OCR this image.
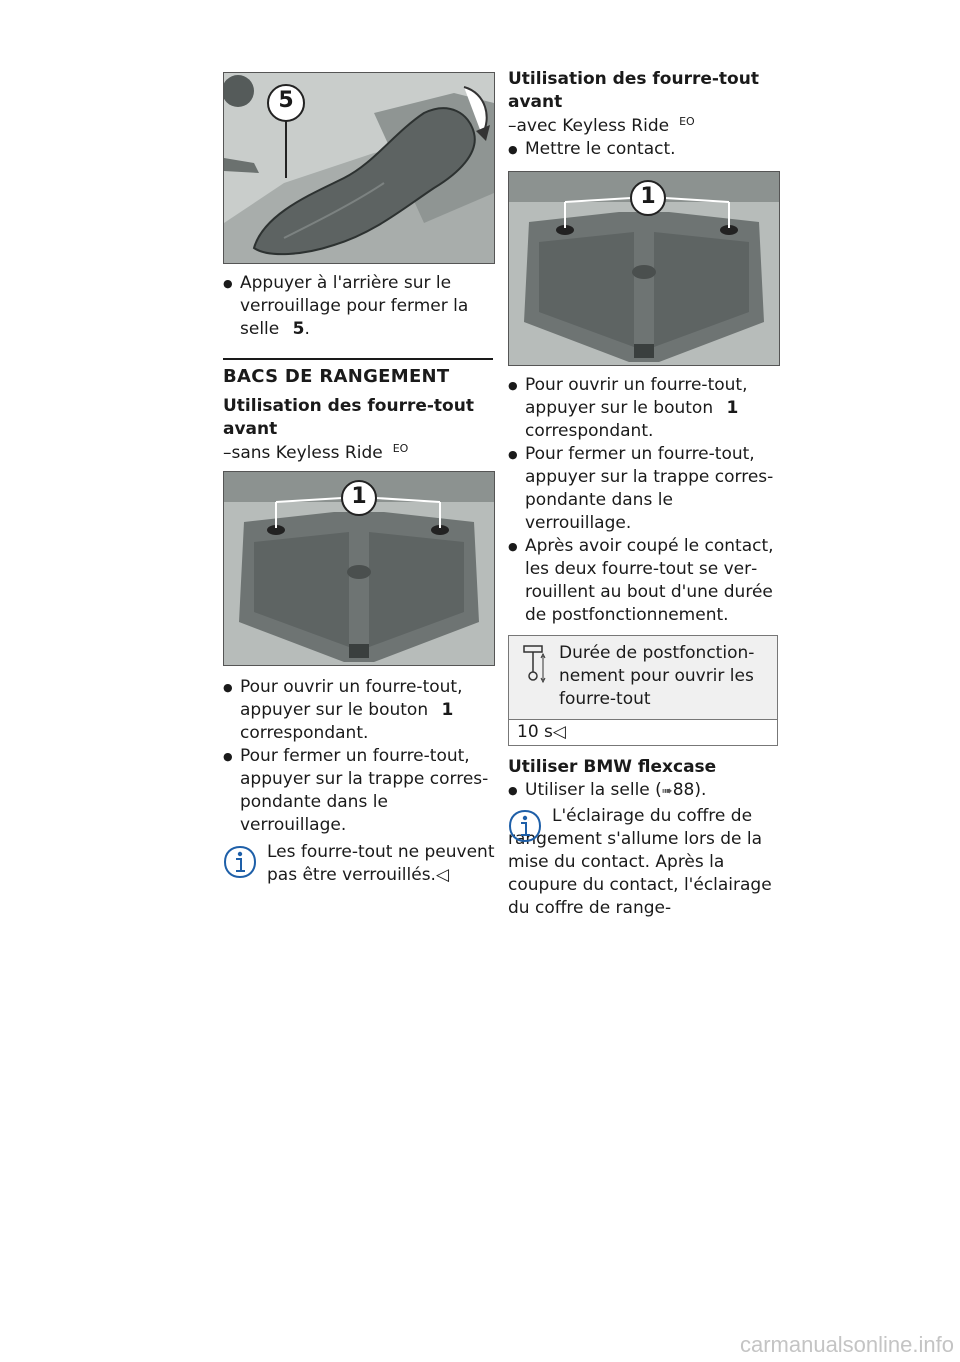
5
● Appuyer à l'arrière sur le verrouillage pour fermer la selle 5.
BACS DE RANGEMENT
Utilisation des fourre-tout avant
–sans Keyless Ride $^{EO}$
1
● Pour ouvrir un fourre-tout, appuyer sur le bouton 1 correspondant.
● Pour fermer un fourre-tout, appuyer sur la trappe correspondante dans le verrouillage.
Les fourre-tout ne peuvent pas être verrouillés.◁
Utilisation des fourre-tout avant
–avec Keyless Ride $^{EO}$
● Mettre le contact.
1
● Pour ouvrir un fourre-tout, appuyer sur le bouton 1 correspondant.
● Pour fermer un fourre-tout, appuyer sur la trappe correspondante dans le verrouillage.
● Après avoir coupé le contact, les deux fourre-tout se verrouillent au bout d'une durée de postfonctionnement.
Durée de postfonctionnement pour ouvrir les fourre-tout
10 s◁
Utiliser BMW flexcase
● Utiliser la selle (➠88).
L'éclairage du coffre de rangement s'allume lors de la mise du contact. Après la coupure du contact, l'éclairage du coffre de range-
carmanualsonline.info
